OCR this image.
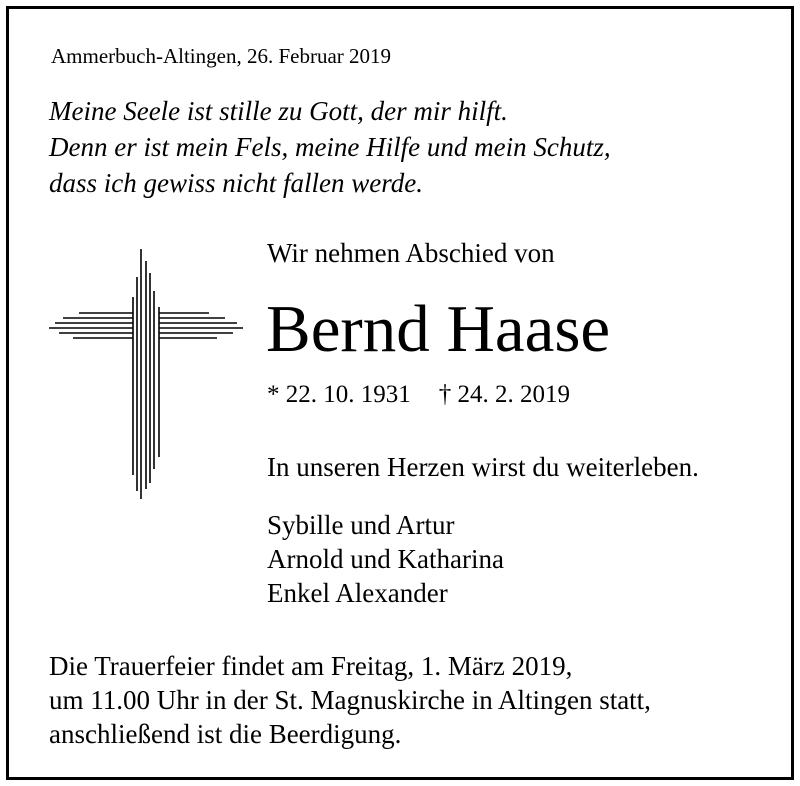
Ammerbuch-Altingen, 26. Februar 2019
Meine Seele ist stille zu Gott, der mir hilft.
Denn er ist mein Fels, meine Hilfe und mein Schutz,
dass ich gewiss nicht fallen werde.
Wir nehmen Abschied von
Bernd Haase
* 22. 10. 1931 † 24. 2. 2019
In unseren Herzen wirst du weiterleben.
Sybille und Artur
Arnold und Katharina
Enkel Alexander
Die Trauerfeier findet am Freitag, 1. März 2019,
um 11.00 Uhr in der St. Magnuskirche in Altingen statt,
anschließend ist die Beerdigung.
